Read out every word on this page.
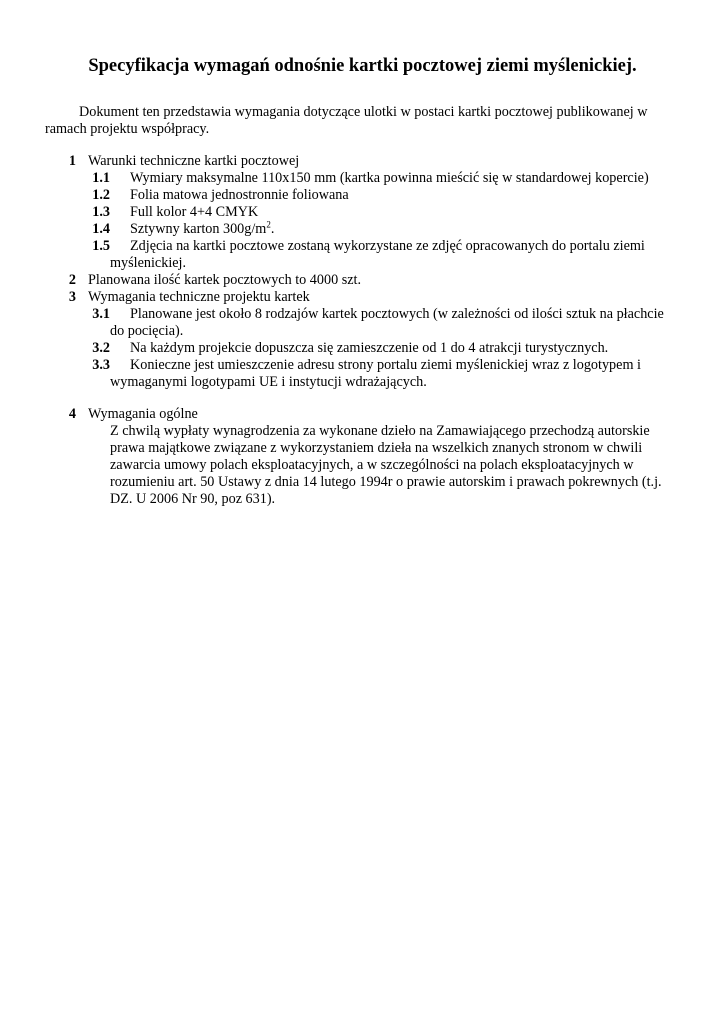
Specyfikacja wymagań odnośnie kartki pocztowej ziemi myślenickiej.
Dokument ten przedstawia wymagania dotyczące ulotki w postaci kartki pocztowej publikowanej w
ramach projektu współpracy.
1 Warunki techniczne kartki pocztowej
1.1 Wymiary maksymalne 110x150 mm (kartka powinna mieścić się w standardowej kopercie)
1.2 Folia matowa jednostronnie foliowana
1.3 Full kolor 4+4 CMYK
1.4 Sztywny karton $300g/m^2$.
1.5 Zdjęcia na kartki pocztowe zostaną wykorzystane ze zdjęć opracowanych do portalu ziemi
myślenickiej.
2 Planowana ilość kartek pocztowych to 4000 szt.
3 Wymagania techniczne projektu kartek
3.1 Planowane jest około 8 rodzajów kartek pocztowych (w zależności od ilości sztuk na płachcie
do pocięcia).
3.2 Na każdym projekcie dopuszcza się zamieszczenie od 1 do 4 atrakcji turystycznych.
3.3 Konieczne jest umieszczenie adresu strony portalu ziemi myślenickiej wraz z logotypem i
wymaganymi logotypami UE i instytucji wdrażających.
4 Wymagania ogólne
Z chwilą wypłaty wynagrodzenia za wykonane dzieło na Zamawiającego przechodzą autorskie
prawa majątkowe związane z wykorzystaniem dzieła na wszelkich znanych stronom w chwili
zawarcia umowy polach eksploatacyjnych, a w szczególności na polach eksploatacyjnych w
rozumieniu art. 50 Ustawy z dnia 14 lutego 1994r o prawie autorskim i prawach pokrewnych (t.j.
DZ. U 2006 Nr 90, poz 631).
